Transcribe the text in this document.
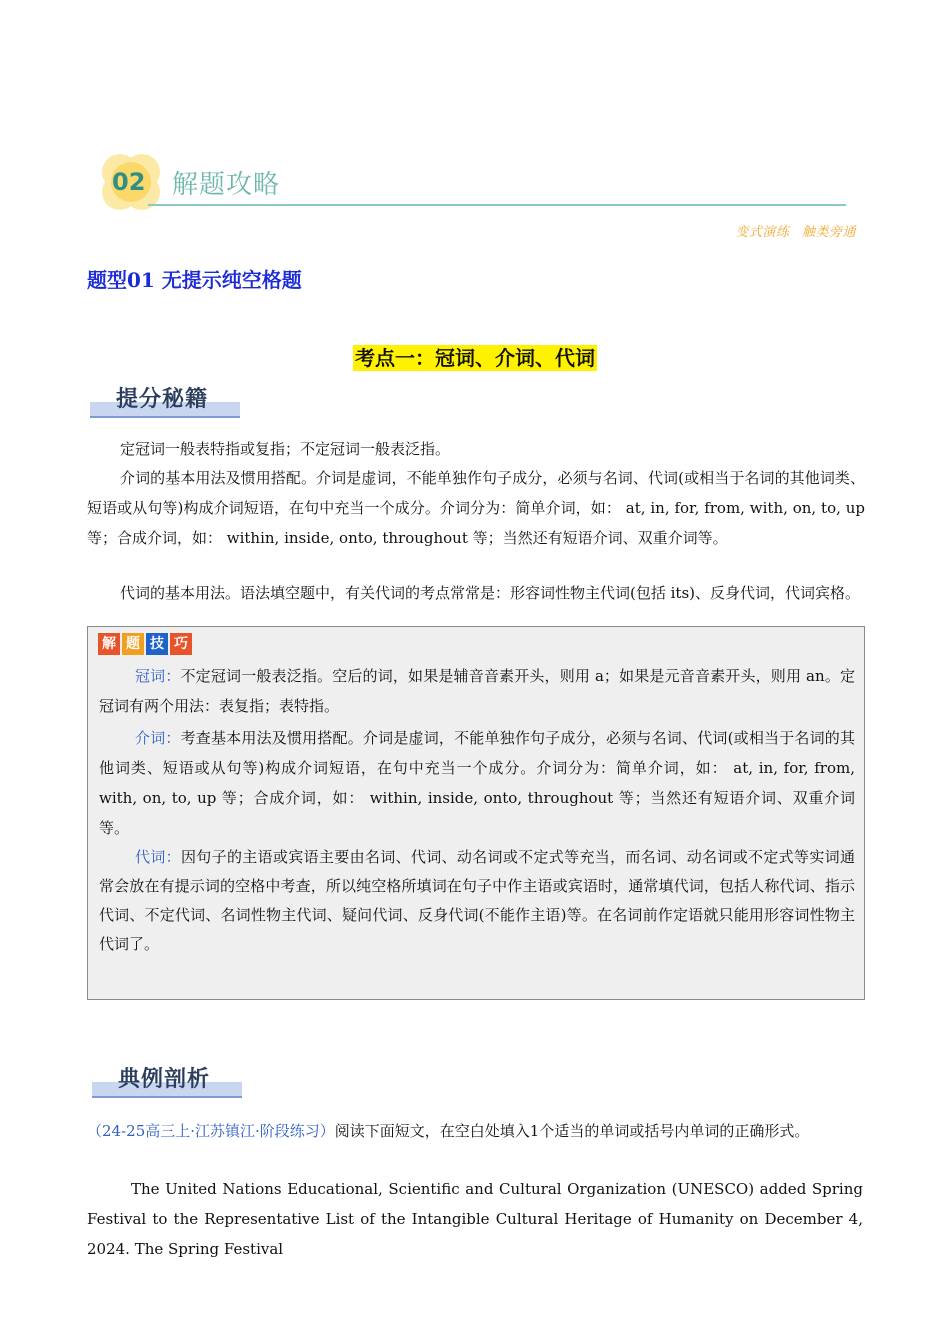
02 解题攻略
变式演练 触类旁通
题型01 无提示纯空格题
考点一：冠词、介词、代词
提分秘籍
定冠词一般表特指或复指；不定冠词一般表泛指。
介词的基本用法及惯用搭配。介词是虚词，不能单独作句子成分，必须与名词、代词(或相当于名词的其他词类、短语或从句等)构成介词短语，在句中充当一个成分。介词分为：简单介词，如： at, in, for, from, with, on, to, up 等；合成介词，如： within, inside, onto, throughout 等；当然还有短语介词、双重介词等。
代词的基本用法。语法填空题中，有关代词的考点常常是：形容词性物主代词(包括 its)、反身代词，代词宾格。
解 题 技 巧
冠词：不定冠词一般表泛指。空后的词，如果是辅音音素开头，则用 a；如果是元音音素开头，则用 an。定冠词有两个用法：表复指；表特指。
介词：考查基本用法及惯用搭配。介词是虚词，不能单独作句子成分，必须与名词、代词(或相当于名词的其他词类、短语或从句等)构成介词短语，在句中充当一个成分。介词分为：简单介词，如： at, in, for, from, with, on, to, up 等；合成介词，如： within, inside, onto, throughout 等；当然还有短语介词、双重介词等。
代词：因句子的主语或宾语主要由名词、代词、动名词或不定式等充当，而名词、动名词或不定式等实词通常会放在有提示词的空格中考查，所以纯空格所填词在句子中作主语或宾语时，通常填代词，包括人称代词、指示代词、不定代词、名词性物主代词、疑问代词、反身代词(不能作主语)等。在名词前作定语就只能用形容词性物主代词了。
典例剖析
（24-25高三上·江苏镇江·阶段练习）阅读下面短文，在空白处填入1个适当的单词或括号内单词的正确形式。
The United Nations Educational, Scientific and Cultural Organization (UNESCO) added Spring Festival to the Representative List of the Intangible Cultural Heritage of Humanity on December 4, 2024. The Spring Festival
